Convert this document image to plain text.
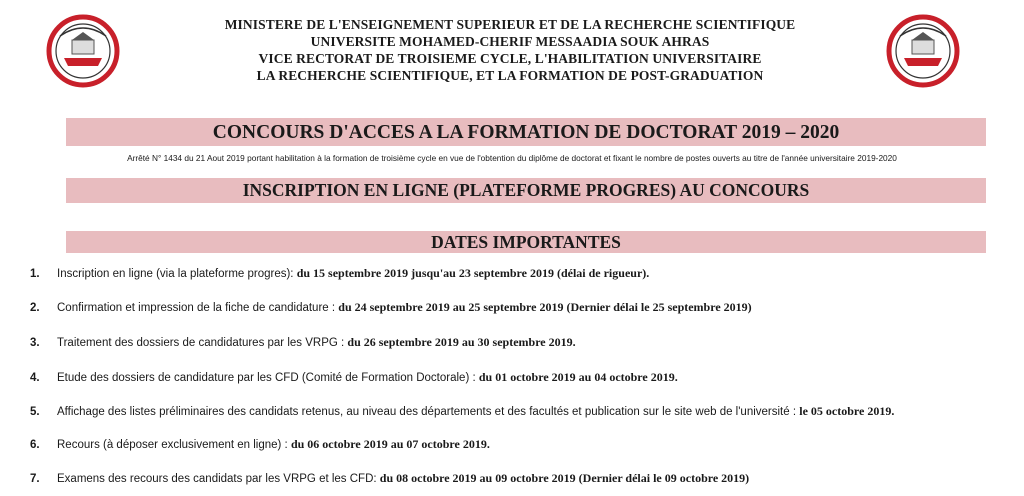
MINISTERE DE L'ENSEIGNEMENT SUPERIEUR ET DE LA RECHERCHE SCIENTIFIQUE
UNIVERSITE MOHAMED-CHERIF MESSAADIA SOUK AHRAS
VICE RECTORAT DE TROISIEME CYCLE, L'HABILITATION UNIVERSITAIRE
LA RECHERCHE SCIENTIFIQUE, ET LA FORMATION DE POST-GRADUATION
CONCOURS D'ACCES A LA FORMATION DE DOCTORAT 2019 – 2020
Arrêté N° 1434 du 21 Aout 2019 portant habilitation à la formation de troisième cycle en vue de l'obtention du diplôme de doctorat et fixant le nombre de postes ouverts au titre de l'année universitaire 2019-2020
INSCRIPTION EN LIGNE (PLATEFORME PROGRES) AU CONCOURS
DATES IMPORTANTES
1. Inscription en ligne (via la plateforme progres): du 15 septembre 2019 jusqu'au 23 septembre 2019 (délai de rigueur).
2. Confirmation et impression de la fiche de candidature : du 24 septembre 2019 au 25 septembre 2019 (Dernier délai le 25 septembre 2019)
3. Traitement des dossiers de candidatures par les VRPG : du 26 septembre 2019 au 30 septembre 2019.
4. Etude des dossiers de candidature par les CFD (Comité de Formation Doctorale) : du 01 octobre 2019 au 04 octobre 2019.
5. Affichage des listes préliminaires des candidats retenus, au niveau des départements et des facultés et publication sur le site web de l'université : le 05 octobre 2019.
6. Recours (à déposer exclusivement en ligne) : du 06 octobre 2019 au 07 octobre 2019.
7. Examens des recours des candidats par les VRPG et les CFD: du 08 octobre 2019 au 09 octobre 2019 (Dernier délai le 09 octobre 2019)
